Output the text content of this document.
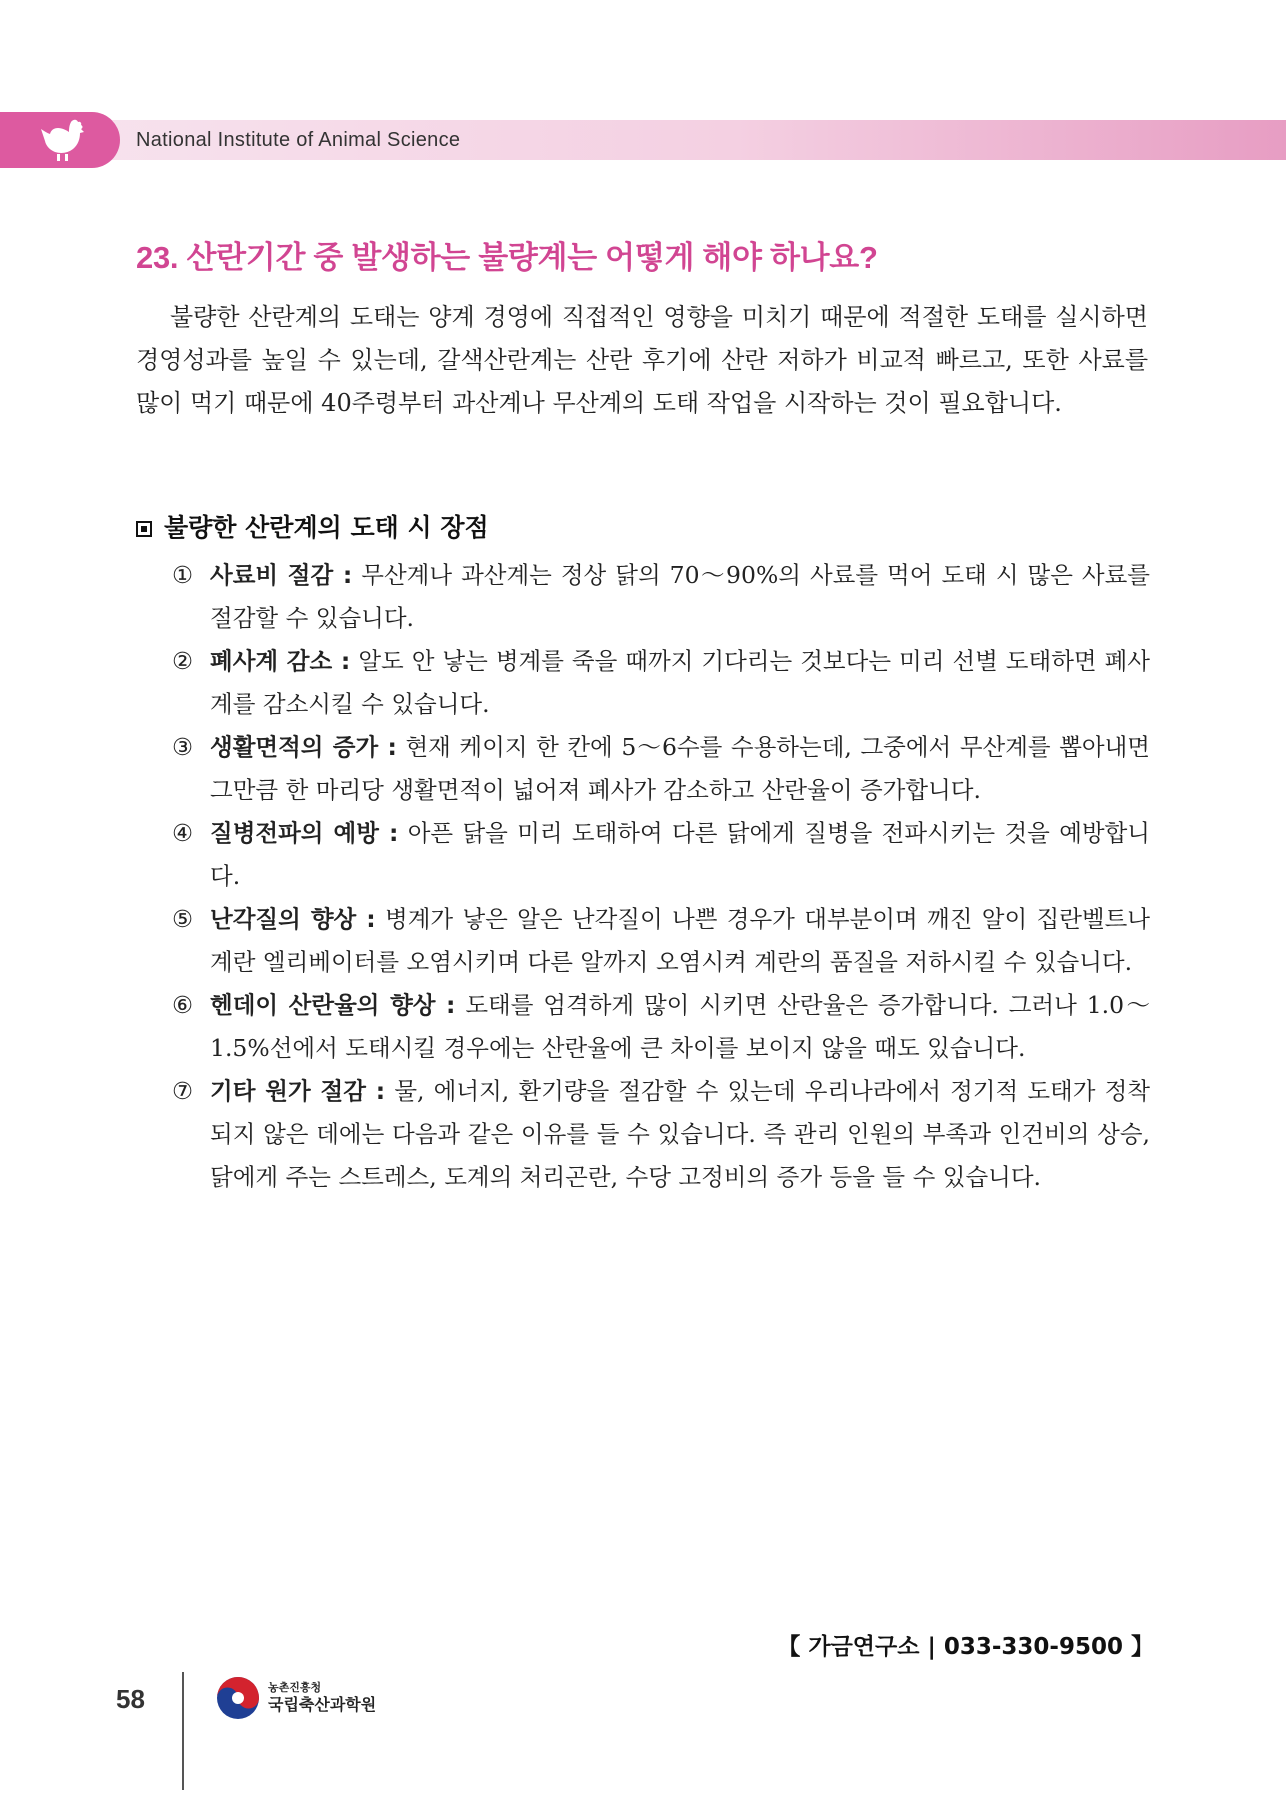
National Institute of Animal Science
23. 산란기간 중 발생하는 불량계는 어떻게 해야 하나요?

불량한 산란계의 도태는 양계 경영에 직접적인 영향을 미치기 때문에 적절한 도태를 실시하면 경영성과를 높일 수 있는데, 갈색산란계는 산란 후기에 산란 저하가 비교적 빠르고, 또한 사료를 많이 먹기 때문에 40주령부터 과산계나 무산계의 도태 작업을 시작하는 것이 필요합니다.

불량한 산란계의 도태 시 장점
① 사료비 절감 : 무산계나 과산계는 정상 닭의 70～90%의 사료를 먹어 도태 시 많은 사료를 절감할 수 있습니다.
② 폐사계 감소 : 알도 안 낳는 병계를 죽을 때까지 기다리는 것보다는 미리 선별 도태하면 폐사계를 감소시킬 수 있습니다.
③ 생활면적의 증가 : 현재 케이지 한 칸에 5～6수를 수용하는데, 그중에서 무산계를 뽑아내면 그만큼 한 마리당 생활면적이 넓어져 폐사가 감소하고 산란율이 증가합니다.
④ 질병전파의 예방 : 아픈 닭을 미리 도태하여 다른 닭에게 질병을 전파시키는 것을 예방합니다.
⑤ 난각질의 향상 : 병계가 낳은 알은 난각질이 나쁜 경우가 대부분이며 깨진 알이 집란벨트나 계란 엘리베이터를 오염시키며 다른 알까지 오염시켜 계란의 품질을 저하시킬 수 있습니다.
⑥ 헨데이 산란율의 향상 : 도태를 엄격하게 많이 시키면 산란율은 증가합니다. 그러나 1.0～1.5%선에서 도태시킬 경우에는 산란율에 큰 차이를 보이지 않을 때도 있습니다.
⑦ 기타 원가 절감 : 물, 에너지, 환기량을 절감할 수 있는데 우리나라에서 정기적 도태가 정착되지 않은 데에는 다음과 같은 이유를 들 수 있습니다. 즉 관리 인원의 부족과 인건비의 상승, 닭에게 주는 스트레스, 도계의 처리곤란, 수당 고정비의 증가 등을 들 수 있습니다.
【 가금연구소 | 033-330-9500 】
58	농촌진흥청
국립축산과학원
